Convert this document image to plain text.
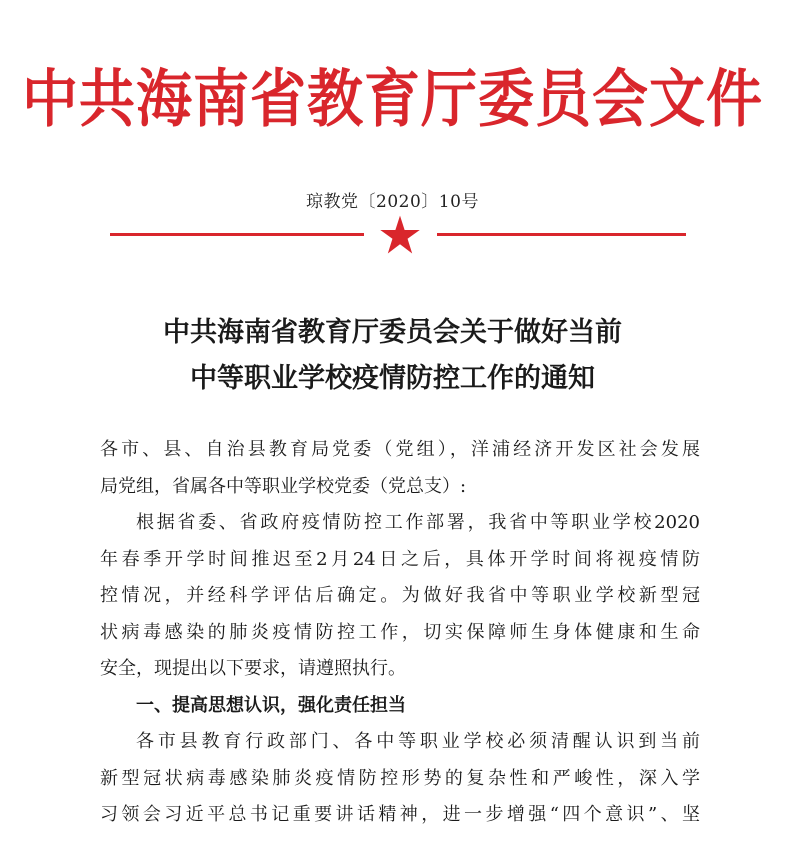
中共海南省教育厅委员会文件
琼教党〔2020〕10号
中共海南省教育厅委员会关于做好当前
中等职业学校疫情防控工作的通知
各市、县、自治县教育局党委（党组），洋浦经济开发区社会发展
局党组，省属各中等职业学校党委（党总支）:
根据省委、省政府疫情防控工作部署，我省中等职业学校2020
年春季开学时间推迟至2月24日之后，具体开学时间将视疫情防
控情况，并经科学评估后确定。为做好我省中等职业学校新型冠
状病毒感染的肺炎疫情防控工作，切实保障师生身体健康和生命
安全，现提出以下要求，请遵照执行。
一、提高思想认识，强化责任担当
各市县教育行政部门、各中等职业学校必须清醒认识到当前
新型冠状病毒感染肺炎疫情防控形势的复杂性和严峻性，深入学
习领会习近平总书记重要讲话精神，进一步增强“四个意识”、坚
